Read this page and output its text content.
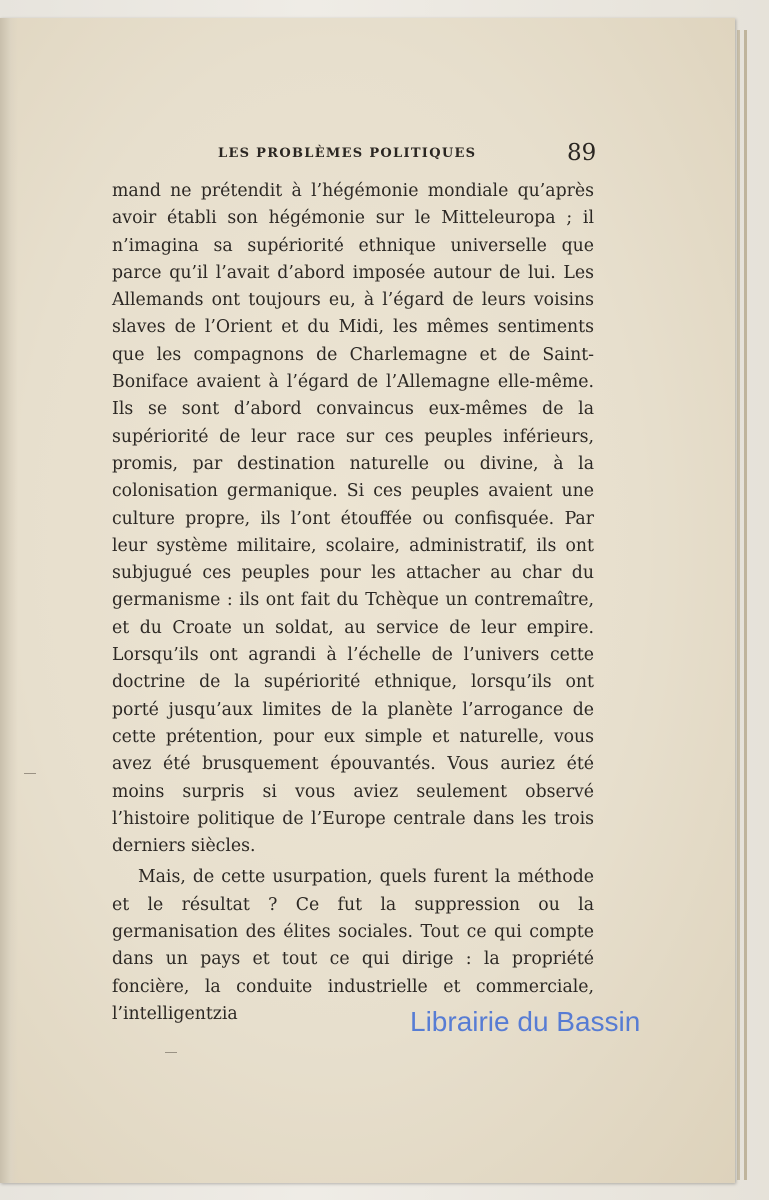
LES PROBLÈMES POLITIQUES	89

mand ne prétendit à l’hégémonie mondiale qu’après avoir établi son hégémonie sur le Mitteleuropa ; il n’imagina sa supériorité ethnique universelle que parce qu’il l’avait d’abord imposée autour de lui. Les Allemands ont toujours eu, à l’égard de leurs voisins slaves de l’Orient et du Midi, les mêmes sentiments que les compagnons de Charlemagne et de Saint-Boniface avaient à l’égard de l’Allemagne elle-même. Ils se sont d’abord convaincus eux-mêmes de la supériorité de leur race sur ces peuples inférieurs, promis, par destination naturelle ou divine, à la colonisation germanique. Si ces peuples avaient une culture propre, ils l’ont étouffée ou confisquée. Par leur système militaire, scolaire, administratif, ils ont subjugué ces peuples pour les attacher au char du germanisme : ils ont fait du Tchèque un contremaître, et du Croate un soldat, au service de leur empire. Lorsqu’ils ont agrandi à l’échelle de l’univers cette doctrine de la supériorité ethnique, lorsqu’ils ont porté jusqu’aux limites de la planète l’arrogance de cette prétention, pour eux simple et naturelle, vous avez été brusquement épouvantés. Vous auriez été moins surpris si vous aviez seulement observé l’histoire politique de l’Europe centrale dans les trois derniers siècles.

Mais, de cette usurpation, quels furent la méthode et le résultat ? Ce fut la suppression ou la germanisation des élites sociales. Tout ce qui compte dans un pays et tout ce qui dirige : la propriété foncière, la conduite industrielle et commerciale, l’intelligentzia	Librairie du Bassin
